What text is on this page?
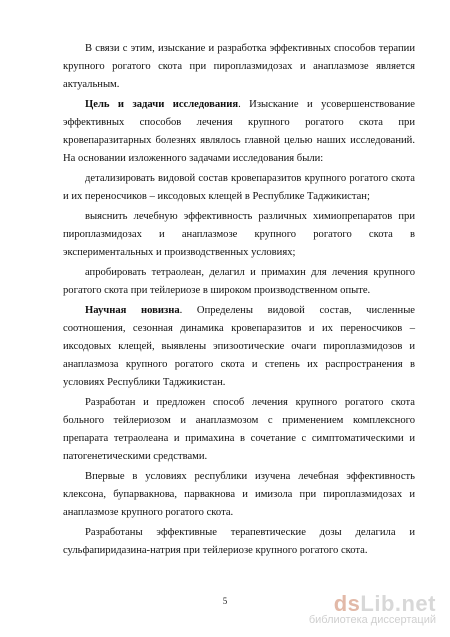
В связи с этим, изыскание и разработка эффективных способов терапии крупного рогатого скота при пироплазмидозах и анаплазмозе является актуальным.

Цель и задачи исследования. Изыскание и усовершенствование эффективных способов лечения крупного рогатого скота при кровепаразитарных болезнях являлось главной целью наших исследований. На основании изложенного задачами исследования были:

детализировать видовой состав кровепаразитов крупного рогатого скота и их переносчиков – иксодовых клещей в Республике Таджикистан;

выяснить лечебную эффективность различных химиопрепаратов при пироплазмидозах и анаплазмозе крупного рогатого скота в экспериментальных и производственных условиях;

апробировать тетраолеан, делагил и примахин для лечения крупного рогатого скота при тейлериозе в широком производственном опыте.

Научная новизна. Определены видовой состав, численные соотношения, сезонная динамика кровепаразитов и их переносчиков – иксодовых клещей, выявлены эпизоотические очаги пироплазмидозов и анаплазмоза крупного рогатого скота и степень их распространения в условиях Республики Таджикистан.

Разработан и предложен способ лечения крупного рогатого скота больного тейлериозом и анаплазмозом с применением комплексного препарата тетраолеана и примахина в сочетание с симптоматическими и патогенетическими средствами.

Впервые в условиях республики изучена лечебная эффективность клексона, бупарвакнова, парвакнова и имизола при пироплазмидозах и анаплазмозе крупного рогатого скота.

Разработаны эффективные терапевтические дозы делагила и сульфапиридазина-натрия при тейлериозе крупного рогатого скота.

5	dsLib.net
библиотека диссертаций
